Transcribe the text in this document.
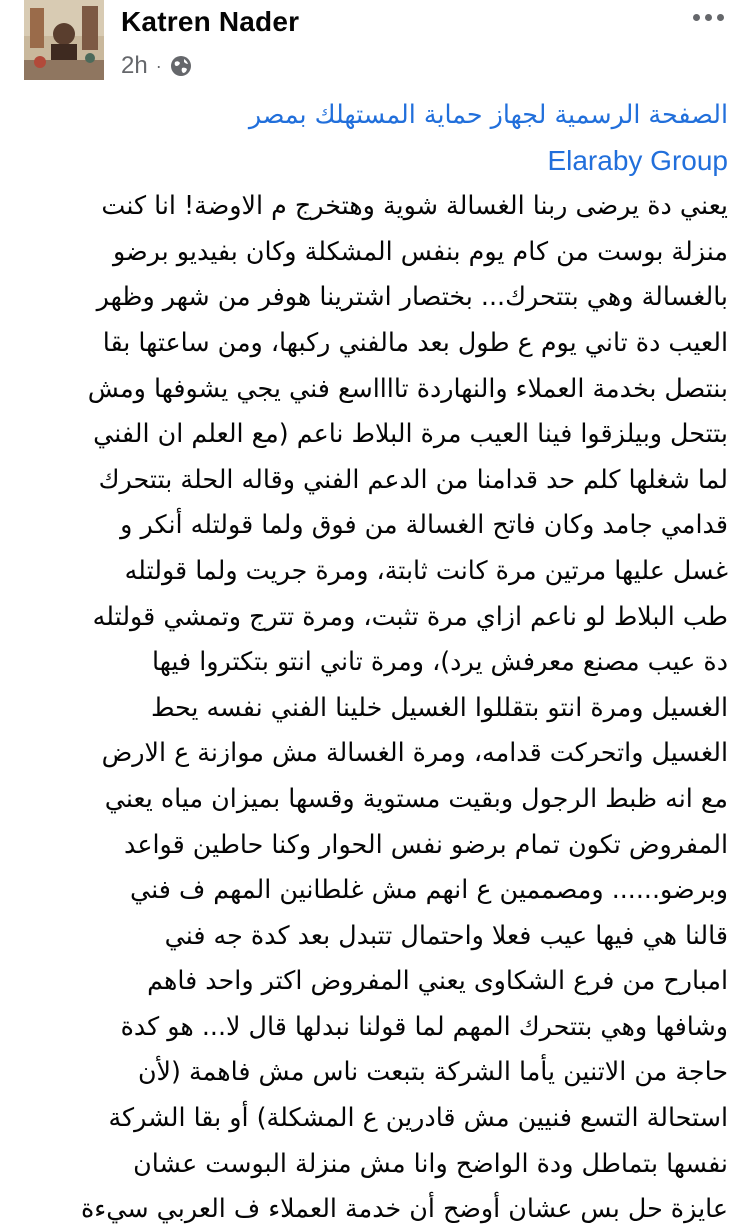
Katren Nader
2h ·
الصفحة الرسمية لجهاز حماية المستهلك بمصر
Elaraby Group
يعني دة يرضى ربنا الغسالة شوية وهتخرج م الاوضة! انا كنت
منزلة بوست من كام يوم بنفس المشكلة وكان بفيديو برضو
بالغسالة وهي بتتحرك... بختصار اشترينا هوفر من شهر وظهر
العيب دة تاني يوم ع طول بعد مالفني ركبها، ومن ساعتها بقا
بنتصل بخدمة العملاء والنهاردة تااااسع فني يجي يشوفها ومش
بتتحل وبيلزقوا فينا العيب مرة البلاط ناعم (مع العلم ان الفني
لما شغلها كلم حد قدامنا من الدعم الفني وقاله الحلة بتتحرك
قدامي جامد وكان فاتح الغسالة من فوق ولما قولتله أنكر و
غسل عليها مرتين مرة كانت ثابتة، ومرة جريت ولما قولتله
طب البلاط لو ناعم ازاي مرة تثبت، ومرة تترج وتمشي قولتله
دة عيب مصنع معرفش يرد)، ومرة تاني انتو بتكتروا فيها
الغسيل ومرة انتو بتقللوا الغسيل خلينا الفني نفسه يحط
الغسيل واتحركت قدامه، ومرة الغسالة مش موازنة ع الارض
مع انه ظبط الرجول وبقيت مستوية وقسها بميزان مياه يعني
المفروض تكون تمام برضو نفس الحوار وكنا حاطين قواعد
وبرضو...... ومصممين ع انهم مش غلطانين المهم ف فني
قالنا هي فيها عيب فعلا واحتمال تتبدل بعد كدة جه فني
امبارح من فرع الشكاوى يعني المفروض اكتر واحد فاهم
وشافها وهي بتتحرك المهم لما قولنا نبدلها قال لا... هو كدة
حاجة من الاتنين يأما الشركة بتبعت ناس مش فاهمة (لأن
استحالة التسع فنيين مش قادرين ع المشكلة) أو بقا الشركة
نفسها بتماطل ودة الواضح وانا مش منزلة البوست عشان
عايزة حل بس عشان أوضح أن خدمة العملاء ف العربي سيءة
